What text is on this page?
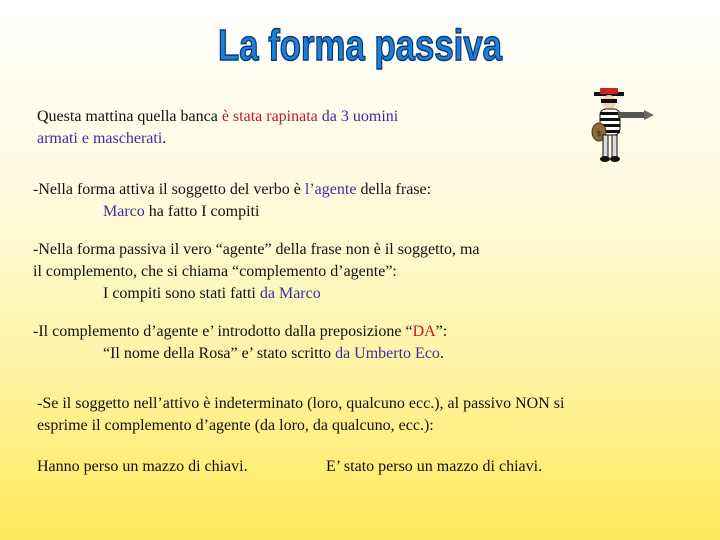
La forma passiva

Questa mattina quella banca è stata rapinata da 3 uomini
armati e mascherati.	$

-Nella forma attiva il soggetto del verbo è l’agente della frase:
Marco ha fatto I compiti

-Nella forma passiva il vero “agente” della frase non è il soggetto, ma
il complemento, che si chiama “complemento d’agente”:
I compiti sono stati fatti da Marco

-Il complemento d’agente e’ introdotto dalla preposizione “DA”:
“Il nome della Rosa” e’ stato scritto da Umberto Eco.

-Se il soggetto nell’attivo è indeterminato (loro, qualcuno ecc.), al passivo NON si
esprime il complemento d’agente (da loro, da qualcuno, ecc.):

Hanno perso un mazzo di chiavi.	E’ stato perso un mazzo di chiavi.
